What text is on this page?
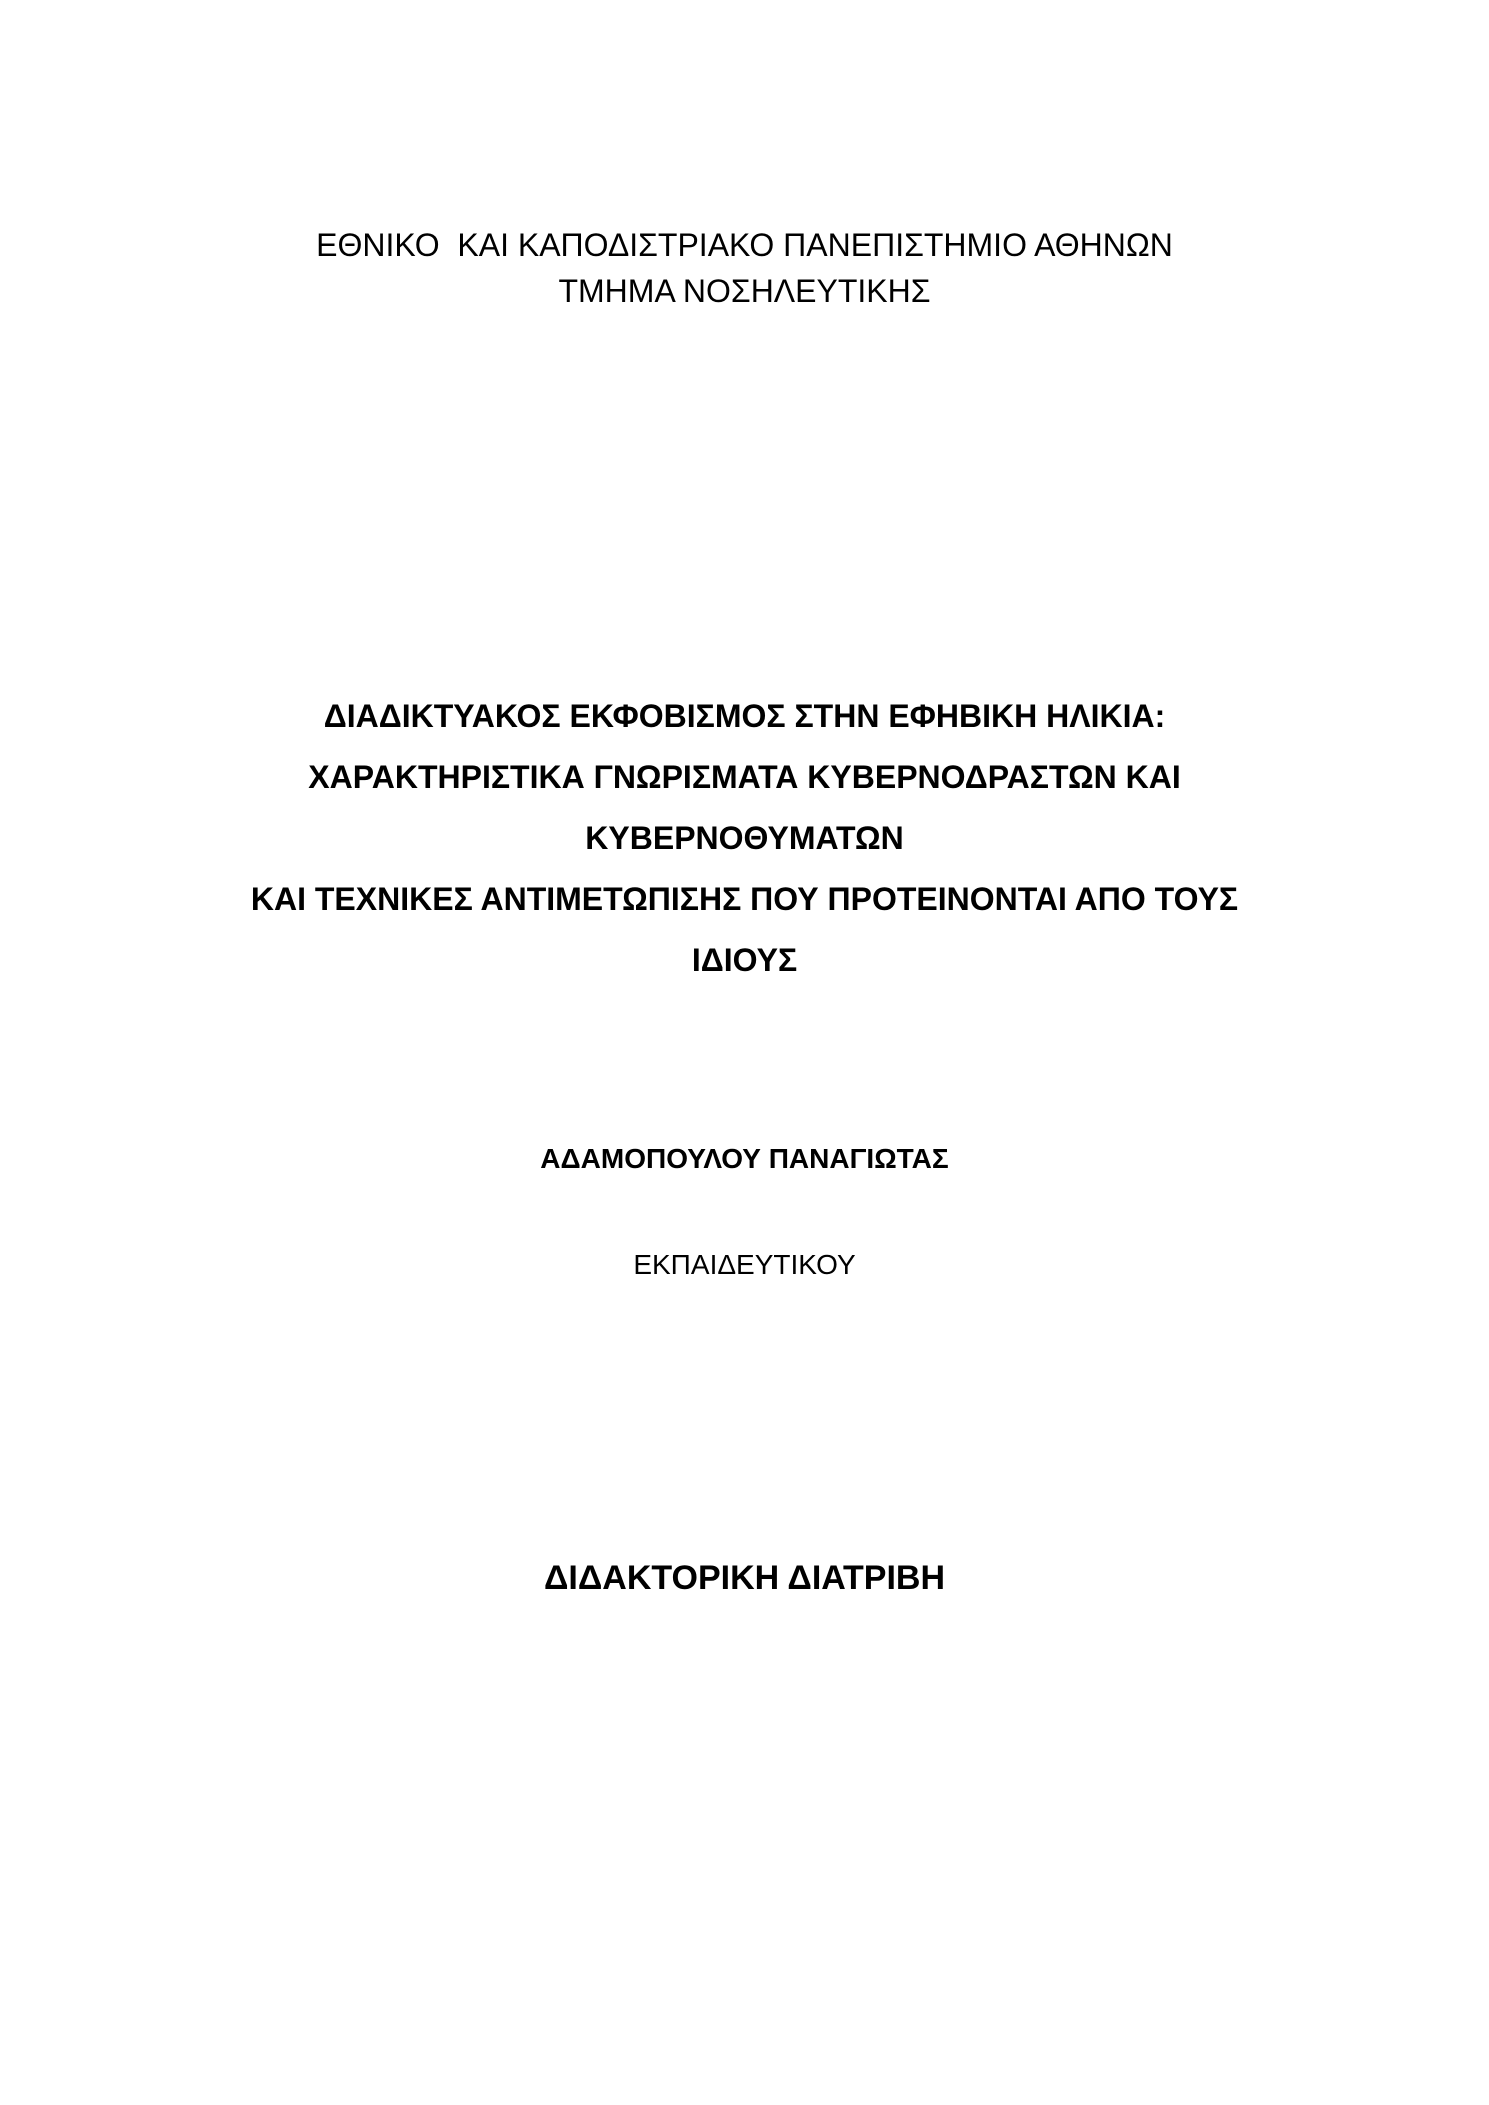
ΕΘΝΙΚΟ  ΚΑΙ ΚΑΠΟΔΙΣΤΡΙΑΚΟ ΠΑΝΕΠΙΣΤΗΜΙΟ ΑΘΗΝΩΝ
ΤΜΗΜΑ ΝΟΣΗΛΕΥΤΙΚΗΣ
ΔΙΑΔΙΚΤΥΑΚΟΣ ΕΚΦΟΒΙΣΜΟΣ ΣΤΗΝ ΕΦΗΒΙΚΗ ΗΛΙΚΙΑ:
ΧΑΡΑΚΤΗΡΙΣΤΙΚΑ ΓΝΩΡΙΣΜΑΤΑ ΚΥΒΕΡΝΟΔΡΑΣΤΩΝ ΚΑΙ
ΚΥΒΕΡΝΟΘΥΜΑΤΩΝ
ΚΑΙ ΤΕΧΝΙΚΕΣ ΑΝΤΙΜΕΤΩΠΙΣΗΣ ΠΟΥ ΠΡΟΤΕΙΝΟΝΤΑΙ ΑΠΟ ΤΟΥΣ
ΙΔΙΟΥΣ
ΑΔΑΜΟΠΟΥΛΟΥ ΠΑΝΑΓΙΩΤΑΣ
ΕΚΠΑΙΔΕΥΤΙΚΟΥ
ΔΙΔΑΚΤΟΡΙΚΗ ΔΙΑΤΡΙΒΗ
